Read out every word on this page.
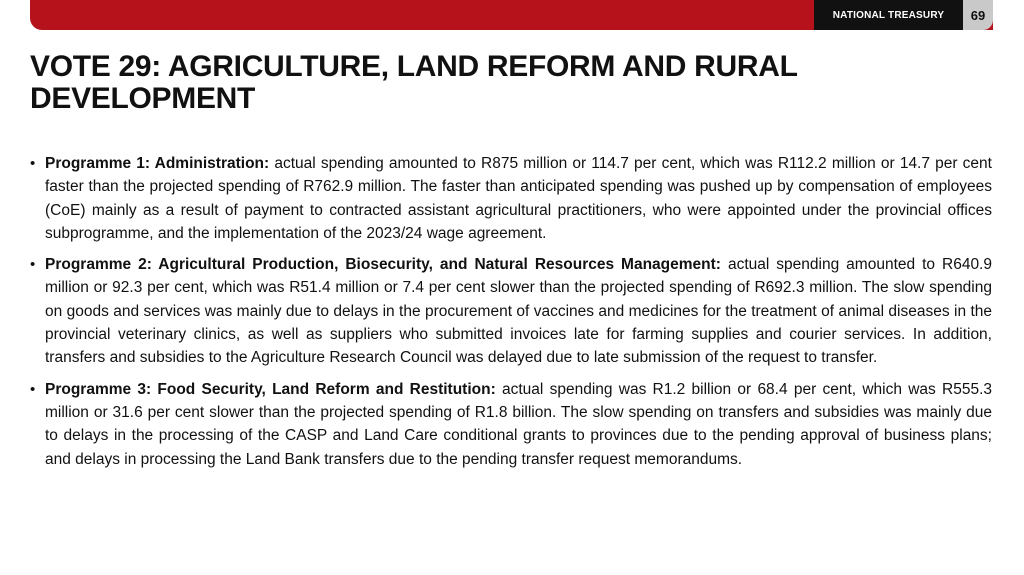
NATIONAL TREASURY	69
VOTE 29: AGRICULTURE, LAND REFORM AND RURAL DEVELOPMENT
• Programme 1: Administration: actual spending amounted to R875 million or 114.7 per cent, which was R112.2 million or 14.7 per cent faster than the projected spending of R762.9 million. The faster than anticipated spending was pushed up by compensation of employees (CoE) mainly as a result of payment to contracted assistant agricultural practitioners, who were appointed under the provincial offices subprogramme, and the implementation of the 2023/24 wage agreement.
• Programme 2: Agricultural Production, Biosecurity, and Natural Resources Management: actual spending amounted to R640.9 million or 92.3 per cent, which was R51.4 million or 7.4 per cent slower than the projected spending of R692.3 million. The slow spending on goods and services was mainly due to delays in the procurement of vaccines and medicines for the treatment of animal diseases in the provincial veterinary clinics, as well as suppliers who submitted invoices late for farming supplies and courier services. In addition, transfers and subsidies to the Agriculture Research Council was delayed due to late submission of the request to transfer.
• Programme 3: Food Security, Land Reform and Restitution: actual spending was R1.2 billion or 68.4 per cent, which was R555.3 million or 31.6 per cent slower than the projected spending of R1.8 billion. The slow spending on transfers and subsidies was mainly due to delays in the processing of the CASP and Land Care conditional grants to provinces due to the pending approval of business plans; and delays in processing the Land Bank transfers due to the pending transfer request memorandums.
